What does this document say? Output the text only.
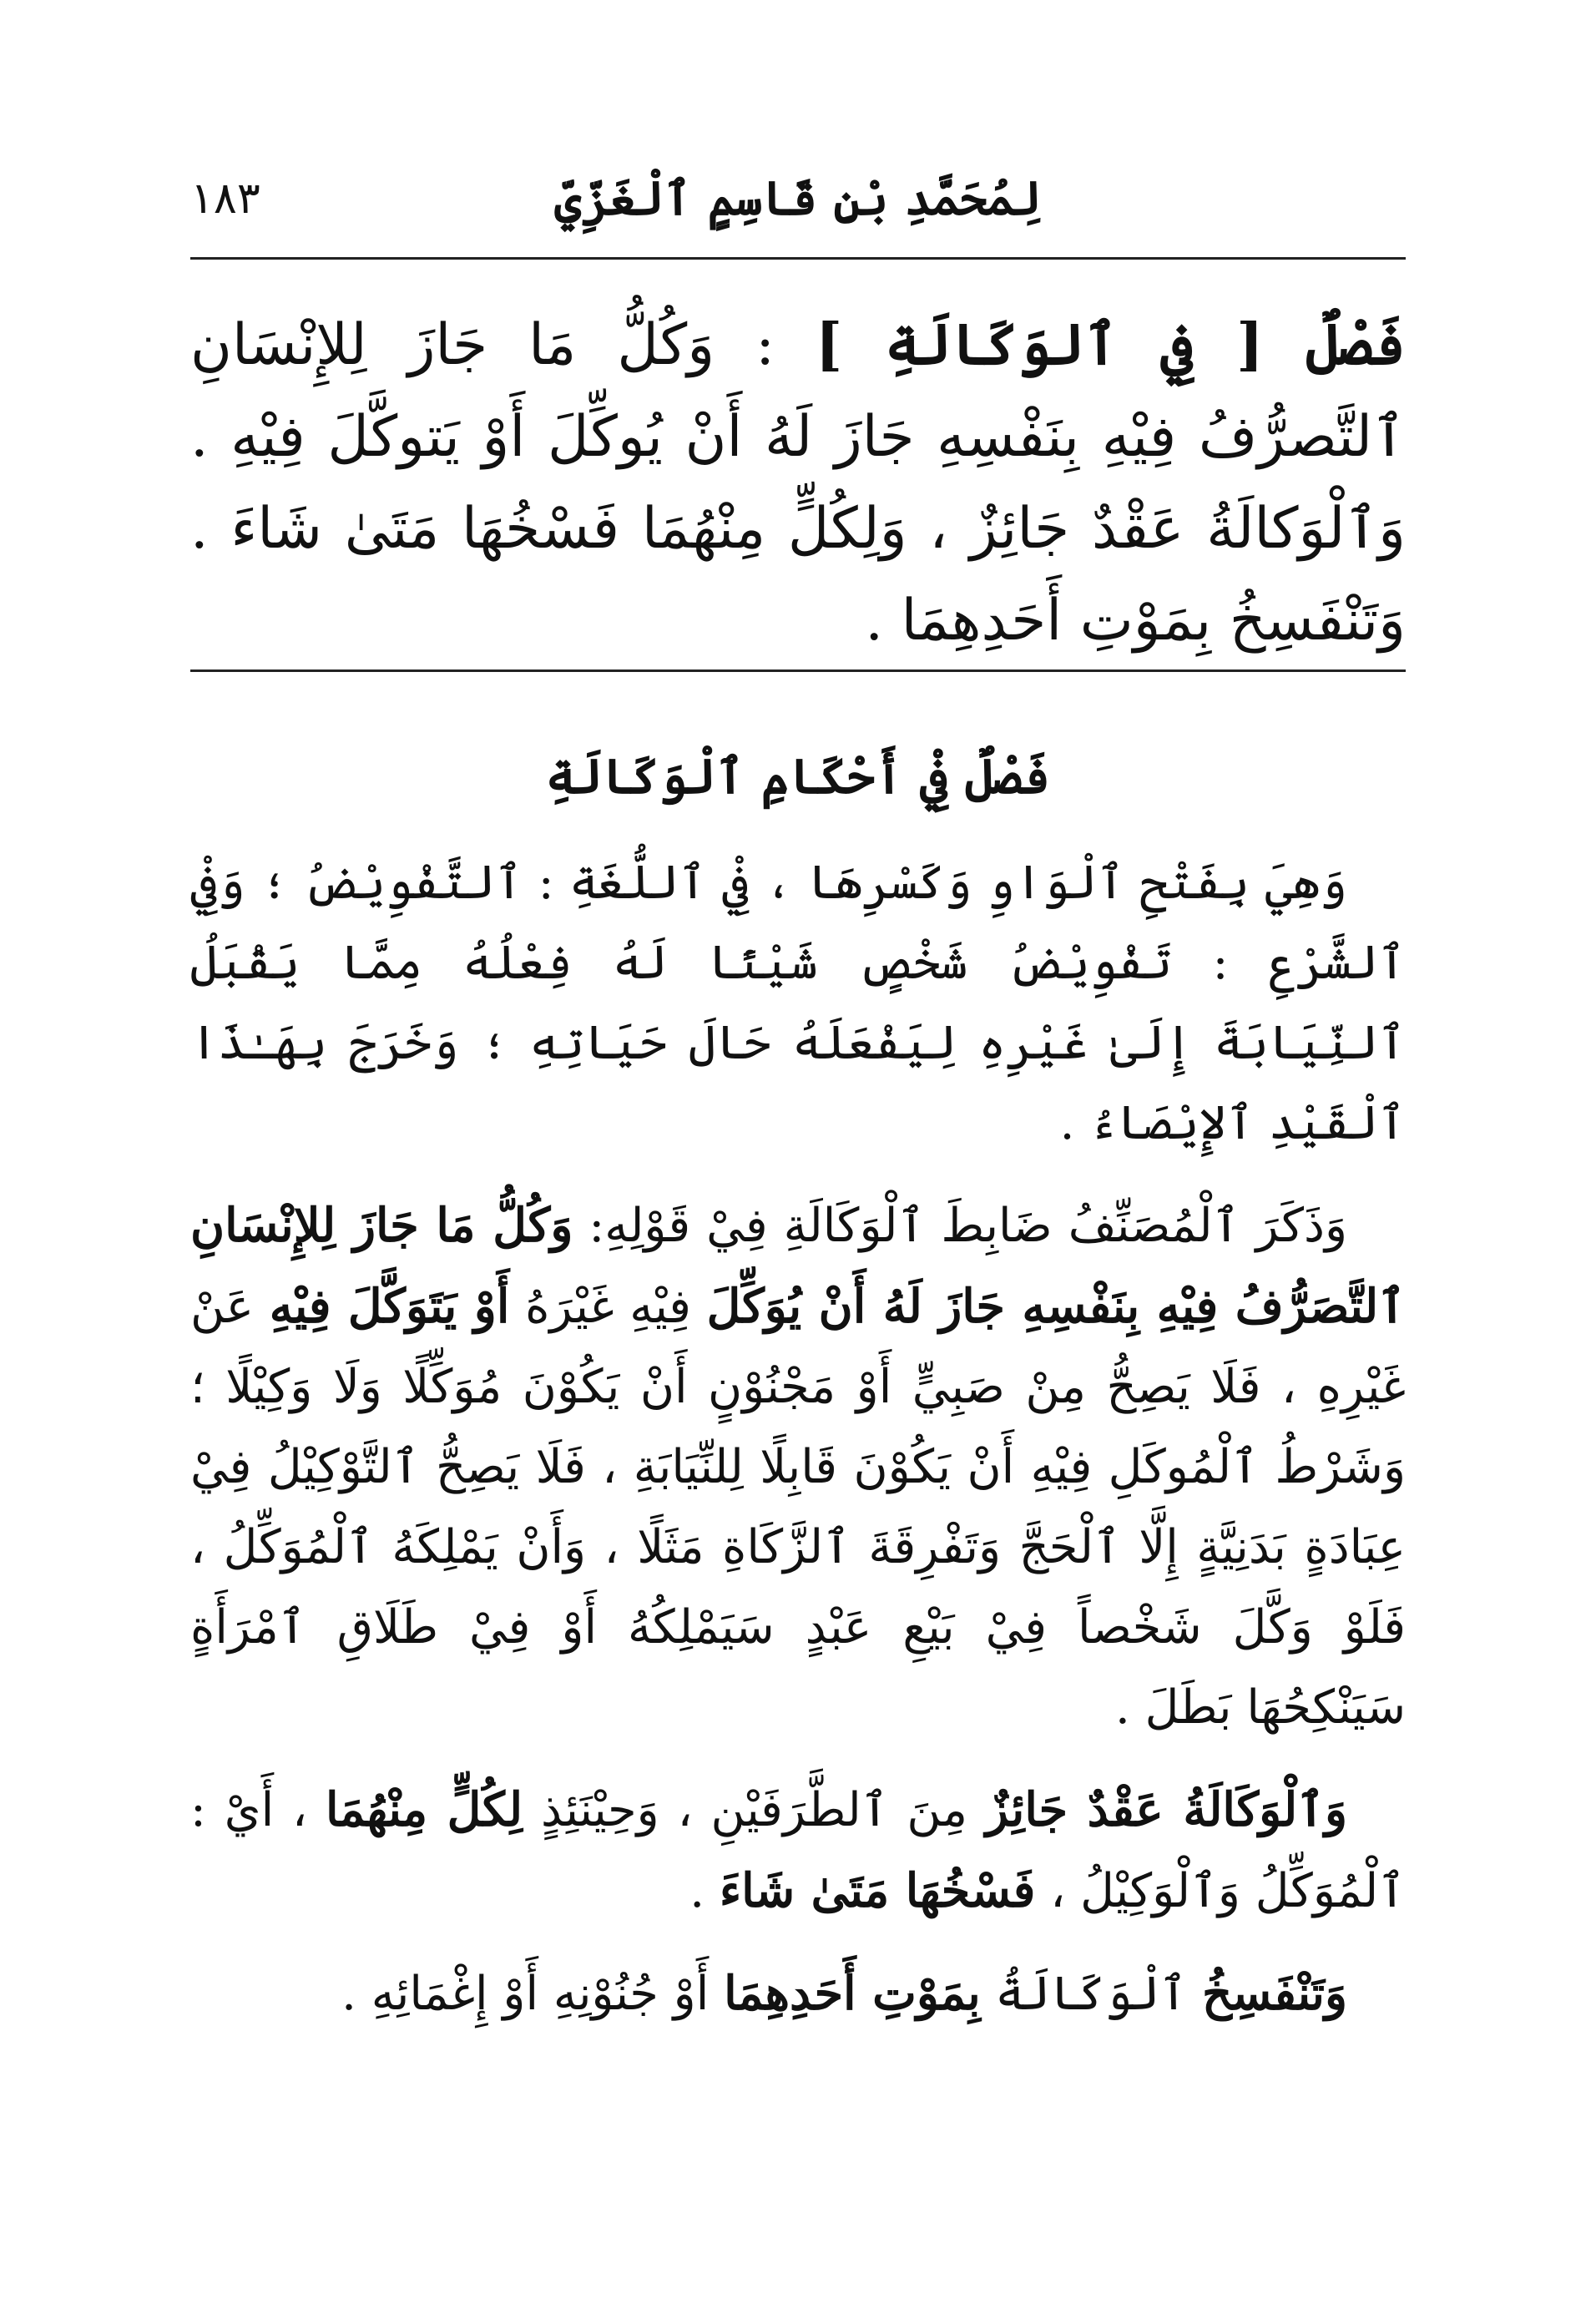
لِمُحَمَّدِ بْنِ قَاسِمٍ ٱلْغَزِّيِّ
١٨٣
فَصْلٌ [ فِي ٱلوَكَالَةِ ] : وَكُلُّ مَا جَازَ لِلإِنْسَانِ ٱلتَّصرُّفُ فِيْهِ بِنَفْسِهِ جَازَ لَهُ أَنْ يُوكِّلَ أَوْ يَتوكَّلَ فِيْهِ . وَٱلْوَكالَةُ عَقْدٌ جَائِزٌ ، وَلِكُلٍّ مِنْهُمَا فَسْخُهَا مَتَىٰ شَاءَ . وَتَنْفَسِخُ بِمَوْتِ أَحَدِهِمَا .
فَصْلٌ فِيْ أَحْكَامِ ٱلْوَكَالَةِ

وَهِيَ بِفَتْحِ ٱلْوَاوِ وَكَسْرِهَا ، فِيْ ٱللُّغَةِ : ٱلتَّفْوِيْضُ ؛ وَفِيْ ٱلشَّرْعِ : تَفْوِيْضُ شَخْصٍ شَيْئًا لَهُ فِعْلُهُ مِمَّا يَقْبَلُ ٱلنِّيَابَةَ إِلَىٰ غَيْرِهِ لِيَفْعَلَهُ حَالَ حَيَاتِهِ ؛ وَخَرَجَ بِهَـٰذَا ٱلْقَيْدِ ٱلإِيْصَاءُ .

وَذَكَرَ ٱلْمُصَنِّفُ ضَابِطَ ٱلْوَكَالَةِ فِيْ قَوْلِهِ: وَكُلُّ مَا جَازَ لِلإِنْسَانِ ٱلتَّصَرُّفُ فِيْهِ بِنَفْسِهِ جَازَ لَهُ أَنْ يُوَكِّلَ فِيْهِ غَيْرَهُ أَوْ يَتَوَكَّلَ فِيْهِ عَنْ غَيْرِهِ ، فَلَا يَصِحُّ مِنْ صَبِيٍّ أَوْ مَجْنُوْنٍ أَنْ يَكُوْنَ مُوَكِّلًا وَلَا وَكِيْلًا ؛ وَشَرْطُ ٱلْمُوكَلِ فِيْهِ أَنْ يَكُوْنَ قَابِلًا لِلنِّيَابَةِ ، فَلَا يَصِحُّ ٱلتَّوْكِيْلُ فِيْ عِبَادَةٍ بَدَنِيَّةٍ إِلَّا ٱلْحَجَّ وَتَفْرِقَةَ ٱلزَّكَاةِ مَثَلًا ، وَأَنْ يَمْلِكَهُ ٱلْمُوَكِّلُ ، فَلَوْ وَكَّلَ شَخْصاً فِيْ بَيْعِ عَبْدٍ سَيَمْلِكُهُ أَوْ فِيْ طَلَاقِ ٱمْرَأَةٍ سَيَنْكِحُهَا بَطَلَ .

وَٱلْوَكَالَةُ عَقْدٌ جَائِزٌ مِنَ ٱلطَّرَفَيْنِ ، وَحِيْنَئِذٍ لِكُلٍّ مِنْهُمَا ، أَيْ : ٱلْمُوَكِّلُ وَٱلْوَكِيْلُ ، فَسْخُهَا مَتَىٰ شَاءَ .

وَتَنْفَسِخُ ٱلْوَكَالَةُ بِمَوْتِ أَحَدِهِمَا أَوْ جُنُوْنِهِ أَوْ إِغْمَائِهِ .
